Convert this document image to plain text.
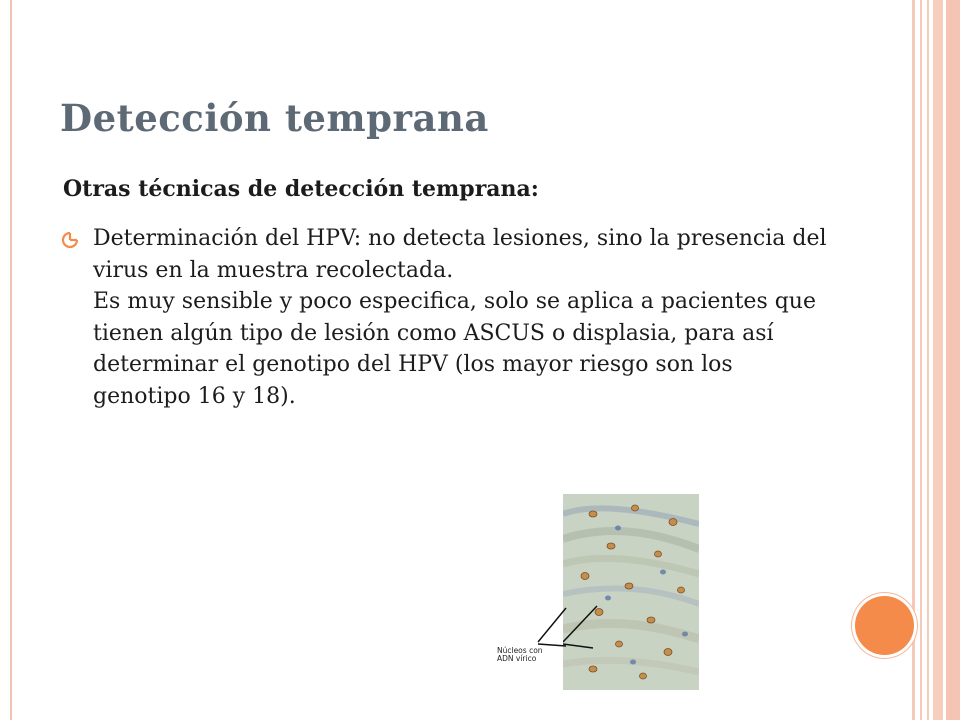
Detección temprana
Otras técnicas de detección temprana:
Determinación del HPV: no detecta lesiones, sino la presencia del virus en la muestra recolectada.
Es muy sensible y poco especifica, solo se aplica a pacientes que tienen algún tipo de lesión como ASCUS o displasia, para así determinar el genotipo del HPV (los mayor riesgo son los genotipo 16 y 18).
Núcleos con
ADN vírico
